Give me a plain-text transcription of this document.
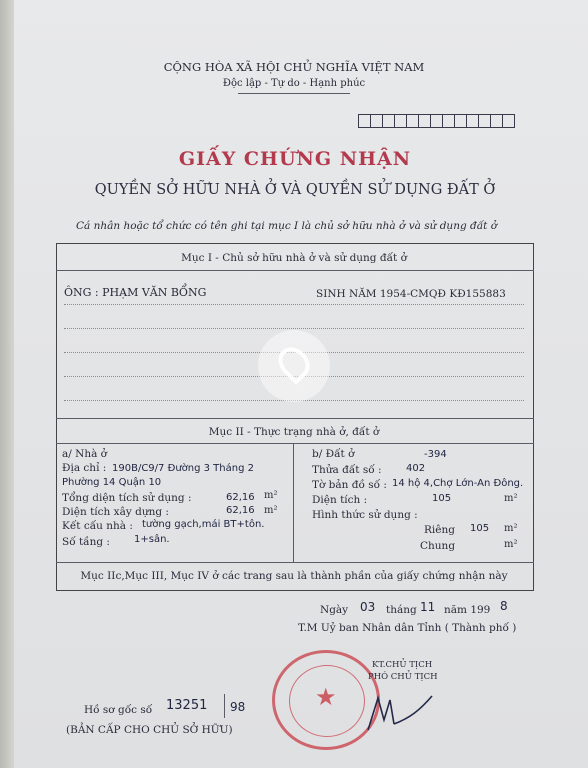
CỘNG HÒA XÃ HỘI CHỦ NGHĨA VIỆT NAM
Độc lập - Tự do - Hạnh phúc
GIẤY CHỨNG NHẬN
QUYỀN SỞ HỮU NHÀ Ở VÀ QUYỀN SỬ DỤNG ĐẤT Ở
Cá nhân hoặc tổ chức có tên ghi tại mục I là chủ sở hữu nhà ở và sử dụng đất ở
Mục I - Chủ sở hữu nhà ở và sử dụng đất ở
ÔNG : PHẠM VĂN BỔNG	SINH NĂM 1954-CMQĐ KĐ155883
Mục II - Thực trạng nhà ở, đất ở
a/ Nhà ở
Địa chỉ : 190B/C9/7 Đường 3 Tháng 2
Phường 14 Quận 10
Tổng diện tích sử dụng :	62,16 m²
Diện tích xây dựng :	62,16 m²
Kết cấu nhà : tường gạch,mái BT+tôn.
Số tầng : 1+sân.
b/ Đất ở	-394
Thửa đất số : 402
Tờ bản đồ số : 14 hộ 4,Chợ Lớn-An Đông.
Diện tích :	105	m²
Hình thức sử dụng :
Riêng 105 m²
Chung	m²
Mục IIc,Mục III, Mục IV ở các trang sau là thành phần của giấy chứng nhận này
Ngày 03 tháng 11 năm 199 8
T.M Uỷ ban Nhân dân Tỉnh ( Thành phố )
★
KT.CHỦ TỊCH
PHÓ CHỦ TỊCH
Hồ sơ gốc số 13251 98
(BẢN CẤP CHO CHỦ SỞ HỮU)
